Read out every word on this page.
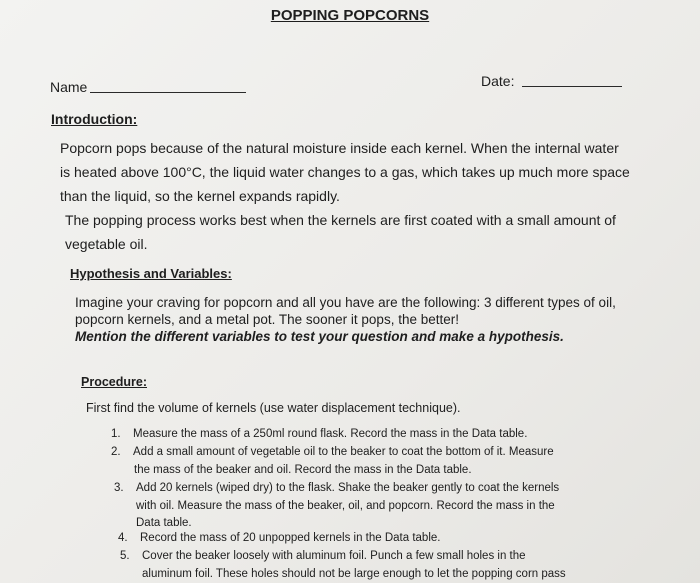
POPPING POPCORNS
Name	Date:
Introduction:
Popcorn pops because of the natural moisture inside each kernel. When the internal water
is heated above 100°C, the liquid water changes to a gas, which takes up much more space
than the liquid, so the kernel expands rapidly.
The popping process works best when the kernels are first coated with a small amount of
vegetable oil.
Hypothesis and Variables:
Imagine your craving for popcorn and all you have are the following: 3 different types of oil,
popcorn kernels, and a metal pot. The sooner it pops, the better!
Mention the different variables to test your question and make a hypothesis.
Procedure:
First find the volume of kernels (use water displacement technique).
1. Measure the mass of a 250ml round flask. Record the mass in the Data table.
2. Add a small amount of vegetable oil to the beaker to coat the bottom of it. Measure
the mass of the beaker and oil. Record the mass in the Data table.
3. Add 20 kernels (wiped dry) to the flask. Shake the beaker gently to coat the kernels
with oil. Measure the mass of the beaker, oil, and popcorn. Record the mass in the
Data table.
4. Record the mass of 20 unpopped kernels in the Data table.
5. Cover the beaker loosely with aluminum foil. Punch a few small holes in the
aluminum foil. These holes should not be large enough to let the popping corn pass
